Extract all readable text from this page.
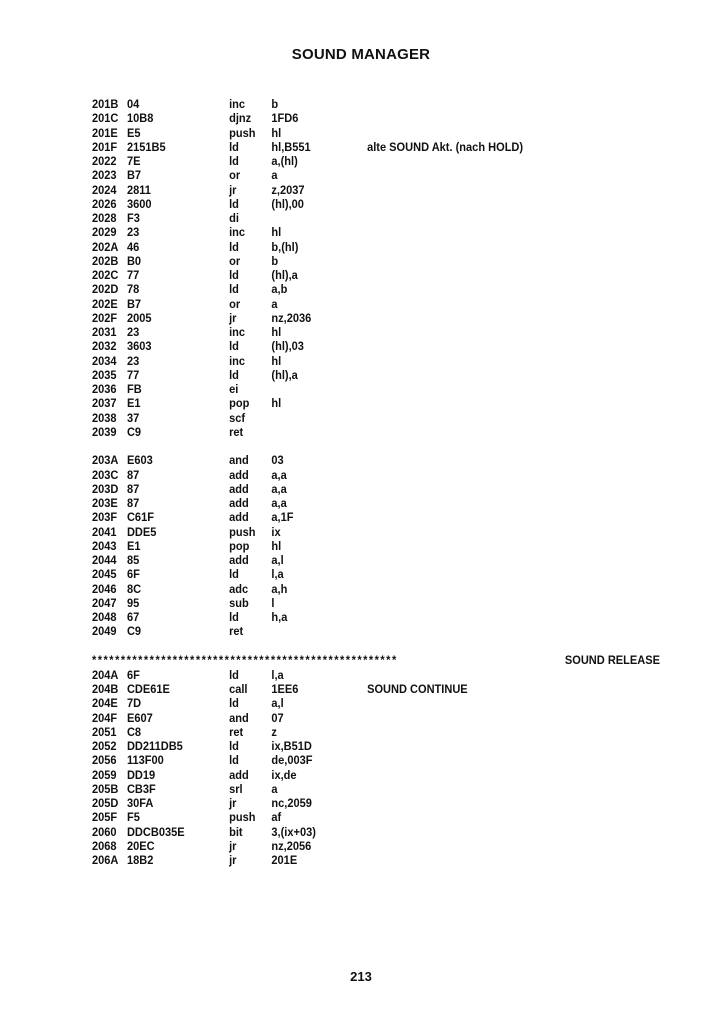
SOUND MANAGER
201B 04	inc b
201C 10B8	djnz 1FD6
201E E5	push hl
201F 2151B5	ld	hl,B551	alte SOUND Akt. (nach HOLD)
2022 7E	ld	a,(hl)
2023 B7	or	a
2024 2811	jr	z,2037
2026 3600	ld	(hl),00
2028 F3	di
2029 23	inc hl
202A 46	ld	b,(hl)
202B B0	or	b
202C 77	ld	(hl),a
202D 78	ld	a,b
202E B7	or	a
202F 2005	jr	nz,2036
2031 23	inc hl
2032 3603	ld	(hl),03
2034 23	inc hl
2035 77	ld	(hl),a
2036 FB	ei
2037 E1	pop hl
2038 37	scf
2039 C9	ret
203A E603	and 03
203C 87	add a,a
203D 87	add a,a
203E 87	add a,a
203F C61F	add a,1F
2041 DDE5	push ix
2043 E1	pop hl
2044 85	add a,l
2045 6F	ld	l,a
2046 8C	adc a,h
2047 95	sub l
2048 67	ld	h,a
2049 C9	ret
*****************************************************	SOUND RELEASE
204A 6F	ld	l,a
204B CDE61E	call 1EE6	SOUND CONTINUE
204E 7D	ld	a,l
204F E607	and 07
2051 C8	ret z
2052 DD211DB5	ld	ix,B51D
2056 113F00	ld	de,003F
2059 DD19	add ix,de
205B CB3F	srl a
205D 30FA	jr	nc,2059
205F F5	push af
2060 DDCB035E	bit 3,(ix+03)
2068 20EC	jr	nz,2056
206A 18B2	jr	201E
213
